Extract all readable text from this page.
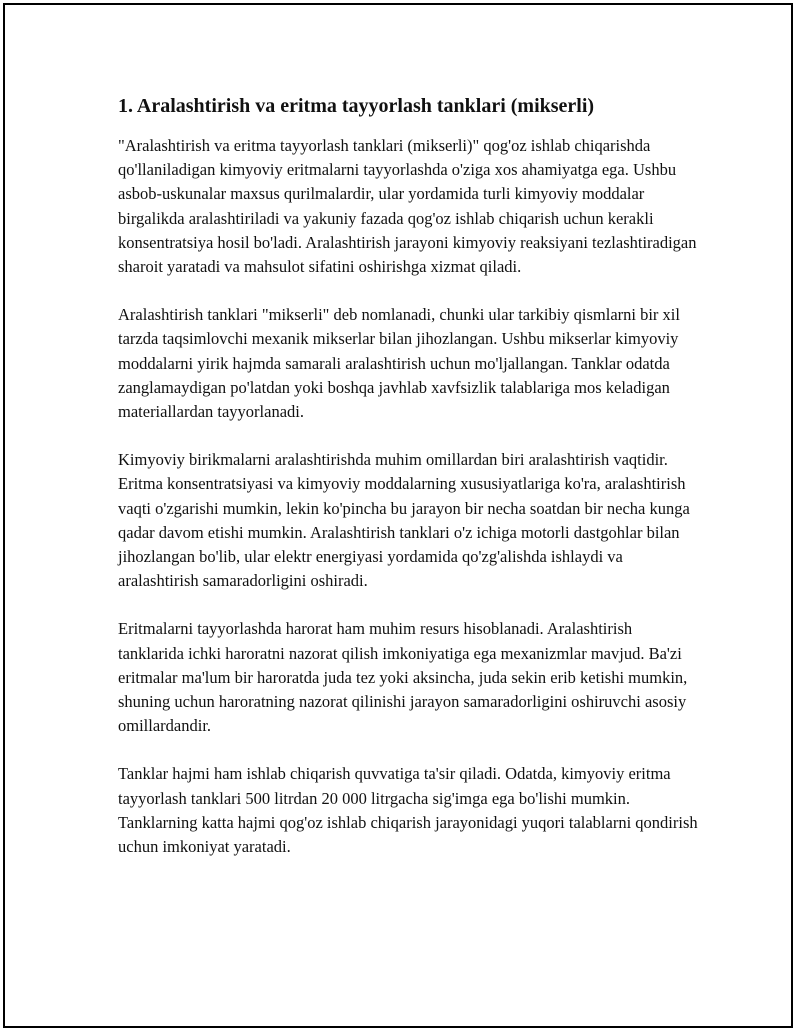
1. Aralashtirish va eritma tayyorlash tanklari (mikserli)

"Aralashtirish va eritma tayyorlash tanklari (mikserli)" qog'oz ishlab chiqarishda qo'llaniladigan kimyoviy eritmalarni tayyorlashda o'ziga xos ahamiyatga ega. Ushbu asbob-uskunalar maxsus qurilmalardir, ular yordamida turli kimyoviy moddalar birgalikda aralashtiriladi va yakuniy fazada qog'oz ishlab chiqarish uchun kerakli konsentratsiya hosil bo'ladi. Aralashtirish jarayoni kimyoviy reaksiyani tezlashtiradigan sharoit yaratadi va mahsulot sifatini oshirishga xizmat qiladi.

Aralashtirish tanklari "mikserli" deb nomlanadi, chunki ular tarkibiy qismlarni bir xil tarzda taqsimlovchi mexanik mikserlar bilan jihozlangan. Ushbu mikserlar kimyoviy moddalarni yirik hajmda samarali aralashtirish uchun mo'ljallangan. Tanklar odatda zanglamaydigan po'latdan yoki boshqa javhlab xavfsizlik talablariga mos keladigan materiallardan tayyorlanadi.

Kimyoviy birikmalarni aralashtirishda muhim omillardan biri aralashtirish vaqtidir. Eritma konsentratsiyasi va kimyoviy moddalarning xususiyatlariga ko'ra, aralashtirish vaqti o'zgarishi mumkin, lekin ko'pincha bu jarayon bir necha soatdan bir necha kunga qadar davom etishi mumkin. Aralashtirish tanklari o'z ichiga motorli dastgohlar bilan jihozlangan bo'lib, ular elektr energiyasi yordamida qo'zg'alishda ishlaydi va aralashtirish samaradorligini oshiradi.

Eritmalarni tayyorlashda harorat ham muhim resurs hisoblanadi. Aralashtirish tanklarida ichki haroratni nazorat qilish imkoniyatiga ega mexanizmlar mavjud. Ba'zi eritmalar ma'lum bir haroratda juda tez yoki aksincha, juda sekin erib ketishi mumkin, shuning uchun haroratning nazorat qilinishi jarayon samaradorligini oshiruvchi asosiy omillardandir.

Tanklar hajmi ham ishlab chiqarish quvvatiga ta'sir qiladi. Odatda, kimyoviy eritma tayyorlash tanklari 500 litrdan 20 000 litrgacha sig'imga ega bo'lishi mumkin. Tanklarning katta hajmi qog'oz ishlab chiqarish jarayonidagi yuqori talablarni qondirish uchun imkoniyat yaratadi.
